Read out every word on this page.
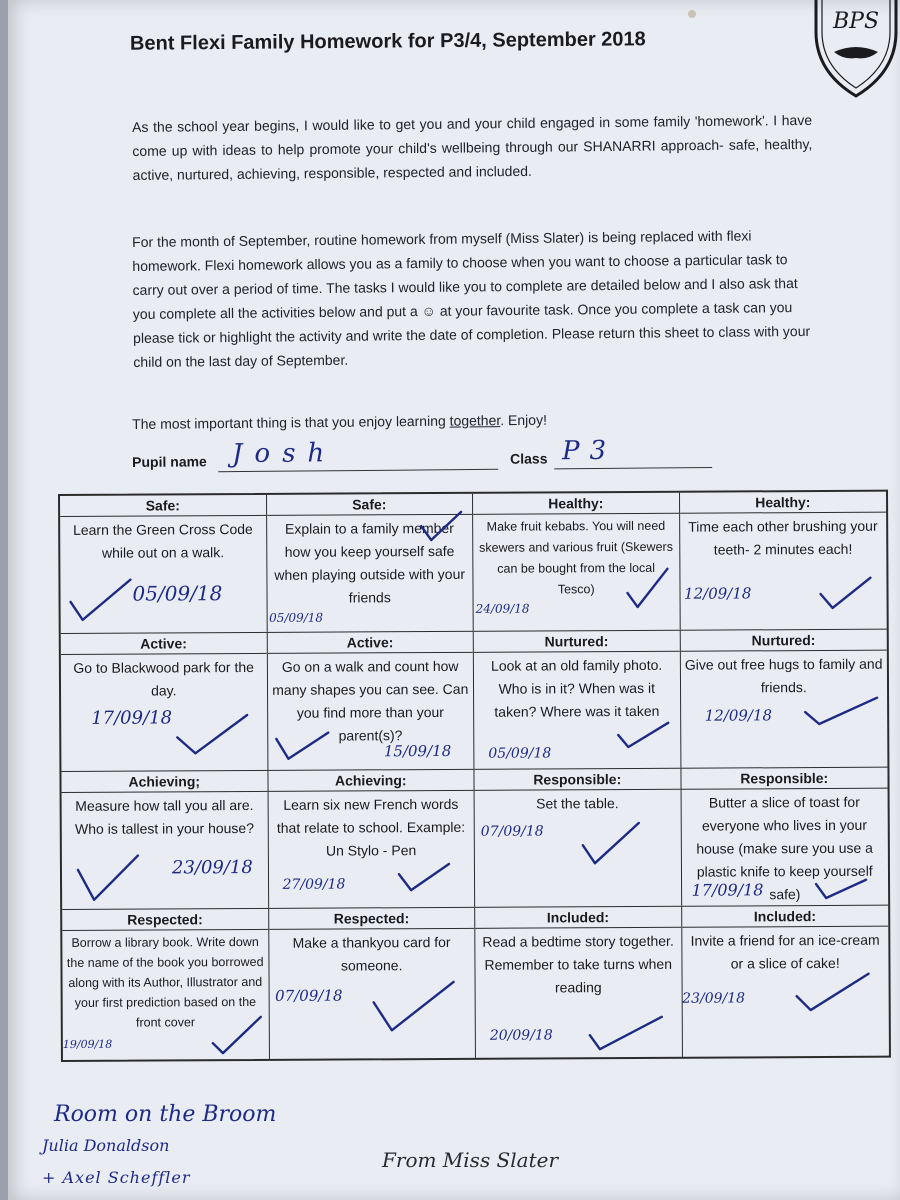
Bent Flexi Family Homework for P3/4, September 2018
BPS
As the school year begins, I would like to get you and your child engaged in some family 'homework'. I have come up with ideas to help promote your child's wellbeing through our SHANARRI approach- safe, healthy, active, nurtured, achieving, responsible, respected and included.
For the month of September, routine homework from myself (Miss Slater) is being replaced with flexi homework. Flexi homework allows you as a family to choose when you want to choose a particular task to carry out over a period of time. The tasks I would like you to complete are detailed below and I also ask that you complete all the activities below and put a ☺ at your favourite task. Once you complete a task can you please tick or highlight the activity and write the date of completion. Please return this sheet to class with your child on the last day of September.
The most important thing is that you enjoy learning together. Enjoy!
Pupil name Josh	Class P3
Safe:
Learn the Green Cross Code while out on a walk.
05/09/18
Safe:
Explain to a family member how you keep yourself safe when playing outside with your friends
05/09/18
Healthy:
Make fruit kebabs. You will need skewers and various fruit (Skewers can be bought from the local Tesco)
24/09/18
Healthy:
Time each other brushing your teeth- 2 minutes each!
12/09/18
Active:
Go to Blackwood park for the day.
17/09/18
Active:
Go on a walk and count how many shapes you can see. Can you find more than your parent(s)?
15/09/18
Nurtured:
Look at an old family photo. Who is in it? When was it taken? Where was it taken
05/09/18
Nurtured:
Give out free hugs to family and friends.
12/09/18
Achieving;
Measure how tall you all are. Who is tallest in your house?
23/09/18
Achieving:
Learn six new French words that relate to school. Example: Un Stylo - Pen
27/09/18
Responsible:
Set the table.
07/09/18
Responsible:
Butter a slice of toast for everyone who lives in your house (make sure you use a plastic knife to keep yourself safe)
17/09/18
Respected:
Borrow a library book. Write down the name of the book you borrowed along with its Author, Illustrator and your first prediction based on the front cover
19/09/18
Respected:
Make a thankyou card for someone.
07/09/18
Included:
Read a bedtime story together. Remember to take turns when reading
20/09/18
Included:
Invite a friend for an ice-cream or a slice of cake!
23/09/18
Room on the Broom
Julia Donaldson
+ Axel Scheffler
From Miss Slater
